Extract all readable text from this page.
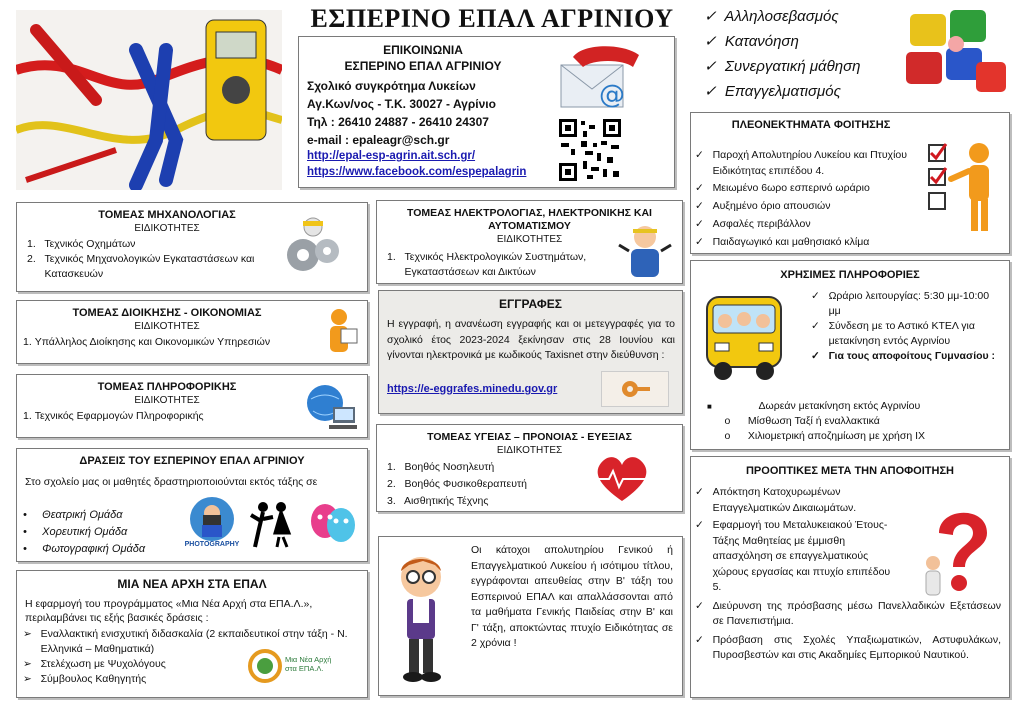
ΕΣΠΕΡΙΝΟ ΕΠΑΛ ΑΓΡΙΝΙΟΥ	✓ Αλληλοσεβασμός
✓ Κατανόηση
✓ Συνεργατική μάθηση
✓ Επαγγελματισμός
ΕΠΙΚΟΙΝΩΝΙΑ
ΕΣΠΕΡΙΝΟ ΕΠΑΛ ΑΓΡΙΝΙΟΥ
Σχολικό συγκρότημα Λυκείων
Αγ.Κων/νος - Τ.Κ. 30027 - Αγρίνιο
Τηλ : 26410 24887 - 26410 24307
e-mail : epaleagr@sch.gr
http://epal-esp-agrin.ait.sch.gr/
https://www.facebook.com/espepalagrin
@
ΤΟΜΕΑΣ ΜΗΧΑΝΟΛΟΓΙΑΣ
ΕΙΔΙΚΟΤΗΤΕΣ
1.   Τεχνικός Οχημάτων
2. Τεχνικός Μηχανολογικών Εγκαταστάσεων και Κατασκευών
ΤΟΜΕΑΣ ΗΛΕΚΤΡΟΛΟΓΙΑΣ, ΗΛΕΚΤΡΟΝΙΚΗΣ ΚΑΙ
ΑΥΤΟΜΑΤΙΣΜΟΥ
ΕΙΔΙΚΟΤΗΤΕΣ
1. Τεχνικός Ηλεκτρολογικών Συστημάτων, Εγκαταστάσεων και Δικτύων
ΤΟΜΕΑΣ ΔΙΟΙΚΗΣΗΣ - ΟΙΚΟΝΟΜΙΑΣ
ΕΙΔΙΚΟΤΗΤΕΣ
1. Υπάλληλος Διοίκησης και Οικονομικών Υπηρεσιών
ΤΟΜΕΑΣ ΠΛΗΡΟΦΟΡΙΚΗΣ
ΕΙΔΙΚΟΤΗΤΕΣ
1. Τεχνικός Εφαρμογών Πληροφορικής
ΕΓΓΡΑΦΕΣ
Η εγγραφή, η ανανέωση εγγραφής και οι μετεγγραφές για το σχολικό έτος 2023-2024 ξεκίνησαν στις 28 Ιουνίου και γίνονται ηλεκτρονικά με κωδικούς Taxisnet στην διεύθυνση :
https://e-eggrafes.minedu.gov.gr
ΤΟΜΕΑΣ ΥΓΕΙΑΣ – ΠΡΟΝΟΙΑΣ - ΕΥΕΞΙΑΣ
ΕΙΔΙΚΟΤΗΤΕΣ
1.   Βοηθός Νοσηλευτή
2.   Βοηθός Φυσικοθεραπευτή
3.   Αισθητικής Τέχνης
ΔΡΑΣΕΙΣ ΤΟΥ ΕΣΠΕΡΙΝΟΥ ΕΠΑΛ ΑΓΡΙΝΙΟΥ
Στο σχολείο μας οι μαθητές δραστηριοποιούνται εκτός τάξης σε
•     Θεατρική Ομάδα
•     Χορευτική Ομάδα
•     Φωτογραφική Ομάδα	PHOTOGRAPHY
ΜΙΑ ΝΕΑ ΑΡΧΗ ΣΤΑ ΕΠΑΛ
Η εφαρμογή του προγράμματος «Μια Νέα Αρχή στα ΕΠΑ.Λ.», περιλαμβάνει τις εξής βασικές δράσεις :
➢ Εναλλακτική ενισχυτική διδασκαλία (2 εκπαιδευτικοί στην τάξη - Ν. Ελληνικά – Μαθηματικά)
➢   Στελέχωση με Ψυχολόγους
➢   Σύμβουλος Καθηγητής
Μια Νέα Αρχή στα ΕΠΑ.Λ.
Οι κάτοχοι απολυτηρίου Γενικού ή Επαγγελματικού Λυκείου ή ισότιμου τίτλου, εγγράφονται απευθείας στην Β' τάξη του Εσπερινού ΕΠΑΛ και απαλλάσσονται από τα μαθήματα Γενικής Παιδείας στην Β' και Γ' τάξη, αποκτώντας πτυχίο Ειδικότητας σε 2 χρόνια !
ΠΛΕΟΝΕΚΤΗΜΑΤΑ ΦΟΙΤΗΣΗΣ
✓ Παροχή Απολυτηρίου Λυκείου και Πτυχίου Ειδικότητας επιπέδου 4.
✓   Μειωμένο 6ωρο εσπερινό ωράριο
✓   Αυξημένο όριο απουσιών
✓   Ασφαλές περιβάλλον
✓   Παιδαγωγικό και μαθησιακό κλίμα
ΧΡΗΣΙΜΕΣ ΠΛΗΡΟΦΟΡΙΕΣ
✓ Ωράριο λειτουργίας: 5:30 μμ-10:00 μμ
✓ Σύνδεση με το Αστικό ΚΤΕΛ για μετακίνηση εντός Αγρινίου
✓ Για τους αποφοίτους Γυμνασίου :
■	Δωρεάν μετακίνηση εκτός Αγρινίου
o      Μίσθωση Ταξί ή εναλλακτικά
o      Χιλιομετρική αποζημίωση με χρήση ΙΧ
ΠΡΟΟΠΤΙΚΕΣ ΜΕΤΑ ΤΗΝ ΑΠΟΦΟΙΤΗΣΗ
✓ Απόκτηση Κατοχυρωμένων Επαγγελματικών Δικαιωμάτων.
✓ Εφαρμογή του Μεταλυκειακού Έτους- Τάξης Μαθητείας με έμμισθη απασχόληση σε επαγγελματικούς χώρους εργασίας και πτυχίο επιπέδου 5.
✓ Διεύρυνση της πρόσβασης μέσω Πανελλαδικών Εξετάσεων σε Πανεπιστήμια.
✓ Πρόσβαση στις Σχολές Υπαξιωματικών, Αστυφυλάκων, Πυροσβεστών και στις Ακαδημίες Εμπορικού Ναυτικού.
